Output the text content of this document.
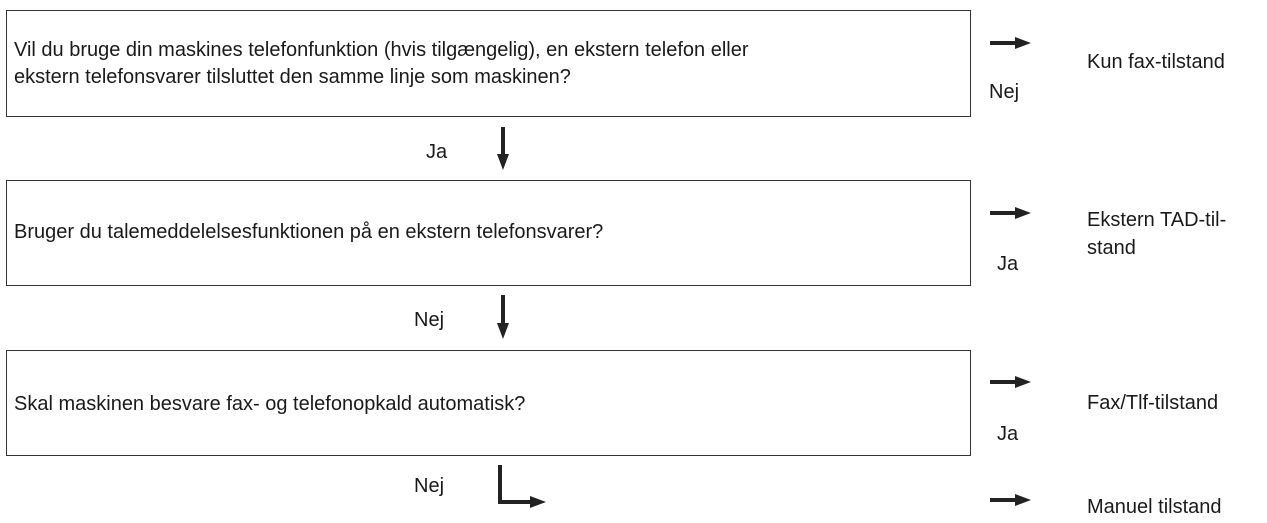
Vil du bruge din maskines telefonfunktion (hvis tilgængelig), en ekstern telefon eller
ekstern telefonsvarer tilsluttet den samme linje som maskinen?
Bruger du talemeddelelsesfunktionen på en ekstern telefonsvarer?
Skal maskinen besvare fax- og telefonopkald automatisk?
Ja
Nej
Nej
Nej
Ja
Ja
Kun fax-tilstand
Ekstern TAD-til-
stand
Fax/Tlf-tilstand
Manuel tilstand
